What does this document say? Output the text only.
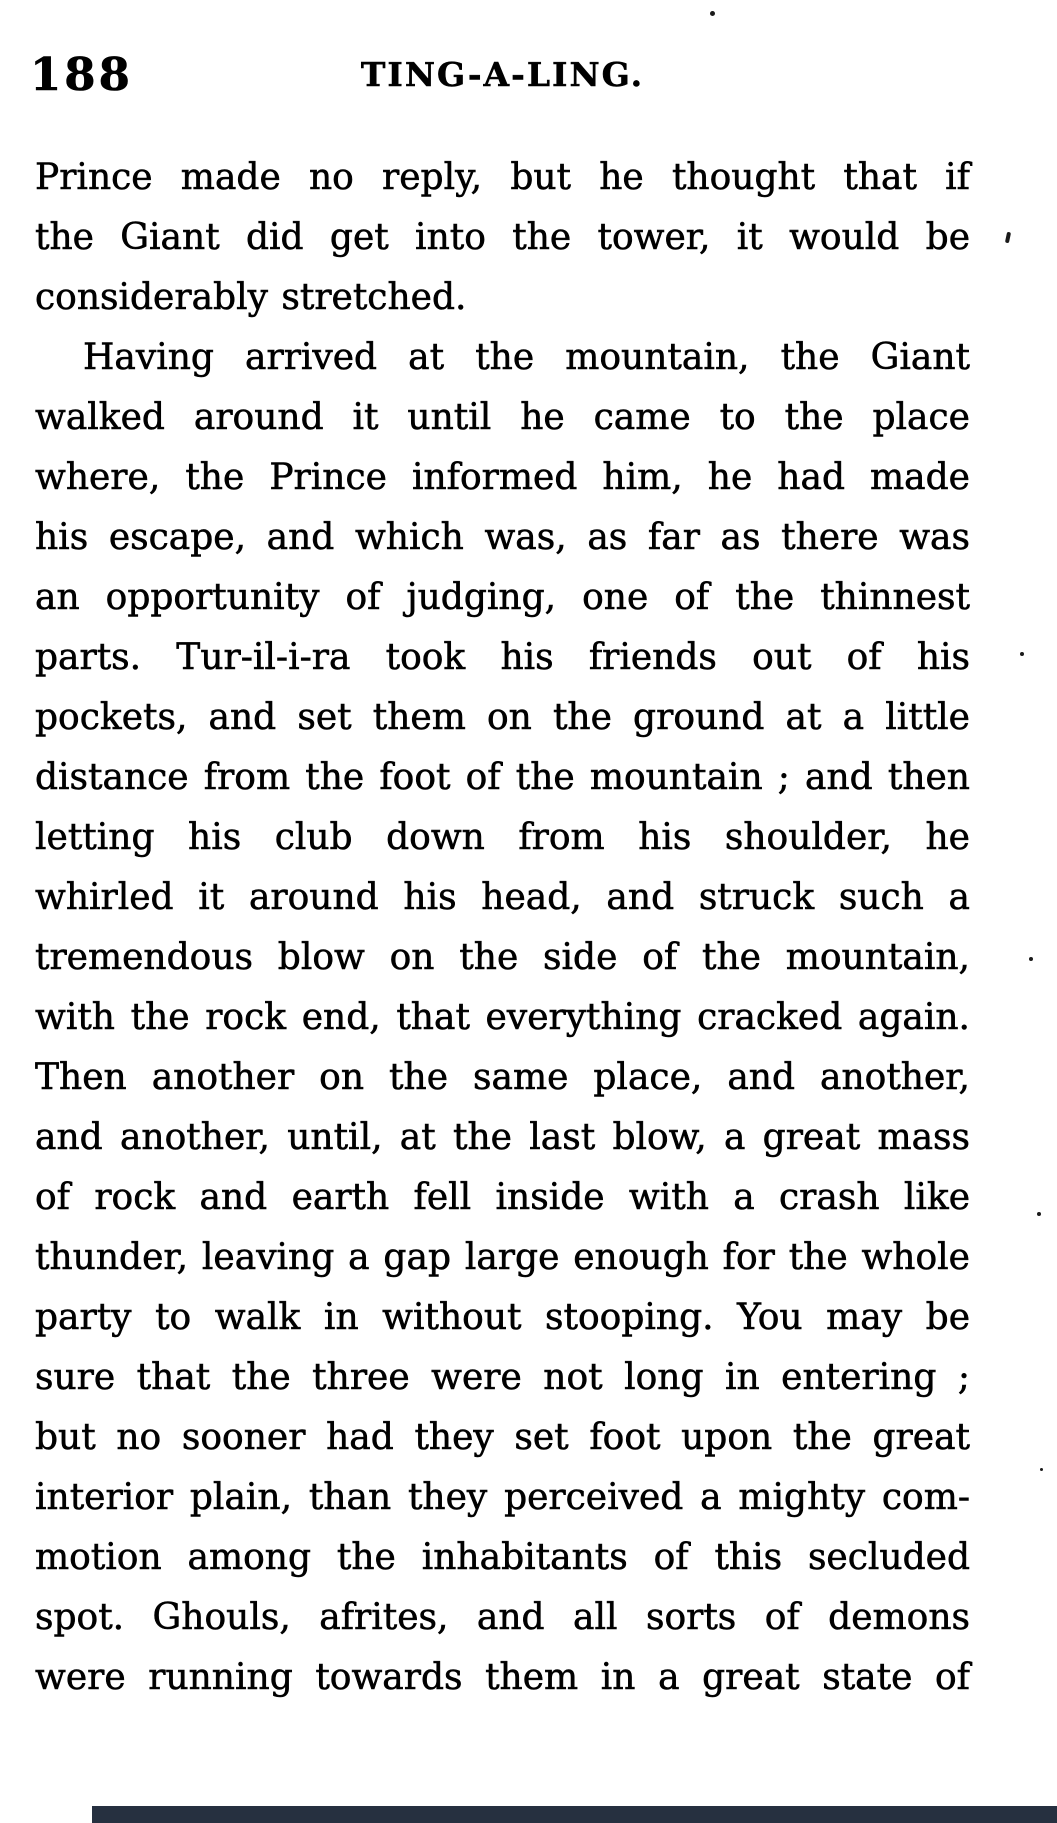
188	TING-A-LING.
Prince made no reply, but he thought that if
the Giant did get into the tower, it would be
considerably stretched.
Having arrived at the mountain, the Giant
walked around it until he came to the place
where, the Prince informed him, he had made
his escape, and which was, as far as there was
an opportunity of judging, one of the thinnest
parts. Tur-il-i-ra took his friends out of his
pockets, and set them on the ground at a little
distance from the foot of the mountain ; and then
letting his club down from his shoulder, he
whirled it around his head, and struck such a
tremendous blow on the side of the mountain,
with the rock end, that everything cracked again.
Then another on the same place, and another,
and another, until, at the last blow, a great mass
of rock and earth fell inside with a crash like
thunder, leaving a gap large enough for the whole
party to walk in without stooping. You may be
sure that the three were not long in entering ;
but no sooner had they set foot upon the great
interior plain, than they perceived a mighty com-
motion among the inhabitants of this secluded
spot. Ghouls, afrites, and all sorts of demons
were running towards them in a great state of
